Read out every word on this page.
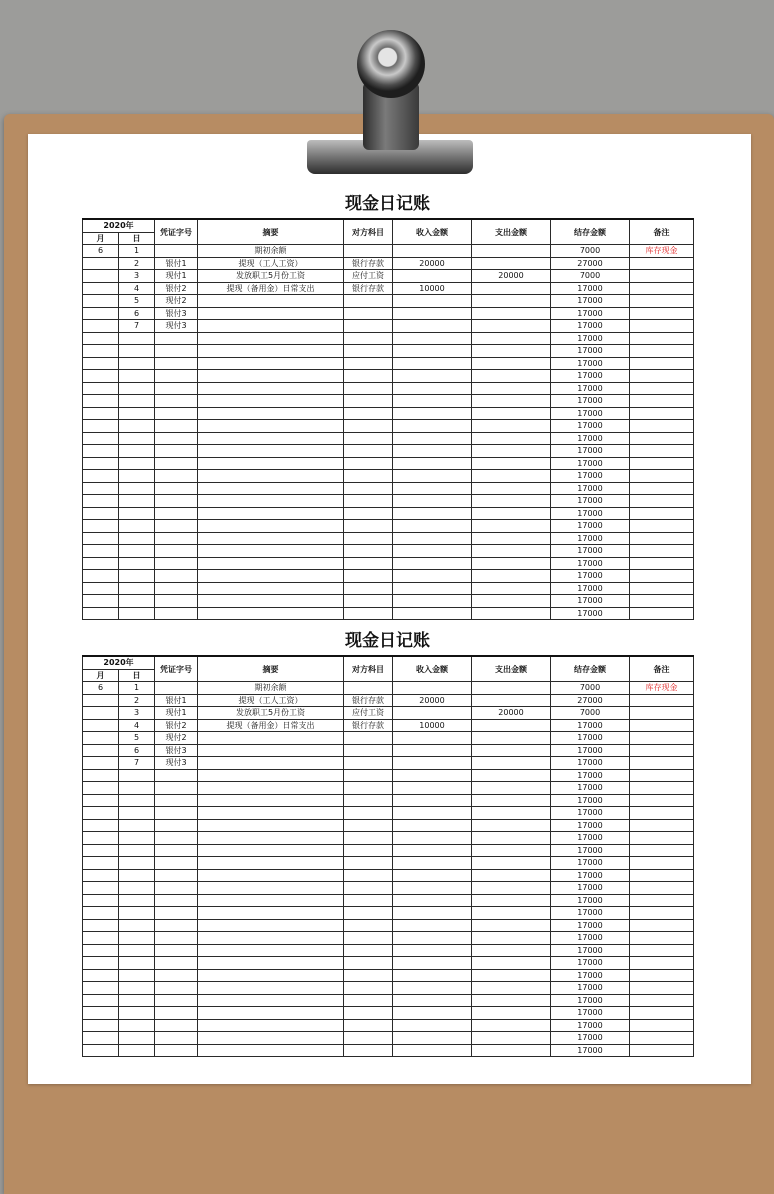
现金日记账
2020年		凭证字号	摘要	对方科目	收入金额	支出金额	结存金额	备注
月	日							
6	1		期初余额				7000	库存现金
	2	银付1	提现（工人工资）	银行存款	20000		27000	
	3	现付1	发放职工5月份工资	应付工资		20000	7000	
	4	银付2	提现（备用金）日常支出	银行存款	10000		17000	
	5	现付2					17000	
	6	银付3					17000	
	7	现付3					17000	
							17000	
							17000	
							17000	
							17000	
							17000	
							17000	
							17000	
							17000	
							17000	
							17000	
							17000	
							17000	
							17000	
							17000	
							17000	
							17000	
							17000	
							17000	
							17000	
							17000	
							17000	
							17000	
							17000	
现金日记账
2020年		凭证字号	摘要	对方科目	收入金额	支出金额	结存金额	备注
月	日							
6	1		期初余额				7000	库存现金
	2	银付1	提现（工人工资）	银行存款	20000		27000	
	3	现付1	发放职工5月份工资	应付工资		20000	7000	
	4	银付2	提现（备用金）日常支出	银行存款	10000		17000	
	5	现付2					17000	
	6	银付3					17000	
	7	现付3					17000	
							17000	
							17000	
							17000	
							17000	
							17000	
							17000	
							17000	
							17000	
							17000	
							17000	
							17000	
							17000	
							17000	
							17000	
							17000	
							17000	
							17000	
							17000	
							17000	
							17000	
							17000	
							17000	
							17000	
